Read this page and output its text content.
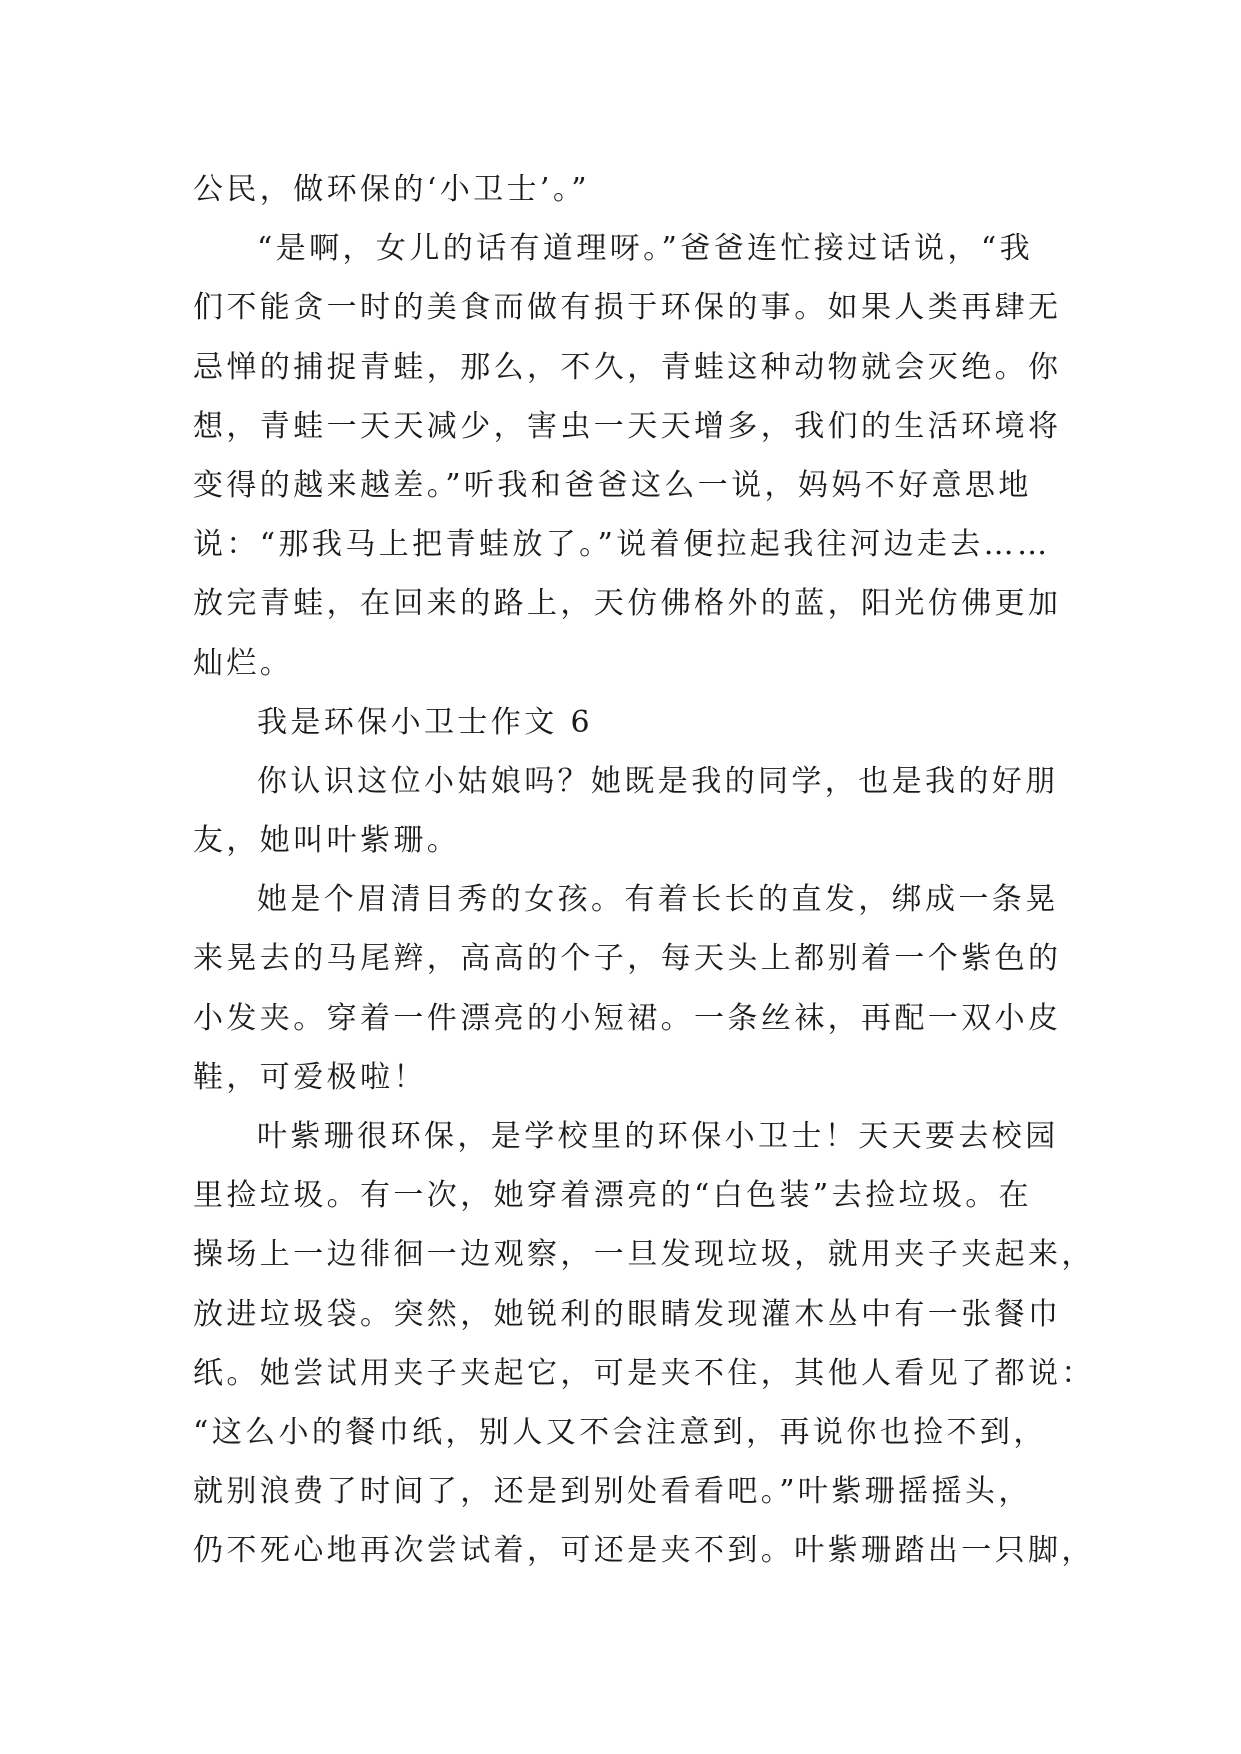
公民，做环保的‘小卫士’。”
“是啊，女儿的话有道理呀。”爸爸连忙接过话说，“我
们不能贪一时的美食而做有损于环保的事。如果人类再肆无
忌惮的捕捉青蛙，那么，不久，青蛙这种动物就会灭绝。你
想，青蛙一天天减少，害虫一天天增多，我们的生活环境将
变得的越来越差。”听我和爸爸这么一说，妈妈不好意思地
说：“那我马上把青蛙放了。”说着便拉起我往河边走去……
放完青蛙，在回来的路上，天仿佛格外的蓝，阳光仿佛更加
灿烂。
我是环保小卫士作文 6
你认识这位小姑娘吗？她既是我的同学，也是我的好朋
友，她叫叶紫珊。
她是个眉清目秀的女孩。有着长长的直发，绑成一条晃
来晃去的马尾辫，高高的个子，每天头上都别着一个紫色的
小发夹。穿着一件漂亮的小短裙。一条丝袜，再配一双小皮
鞋，可爱极啦！
叶紫珊很环保，是学校里的环保小卫士！天天要去校园
里捡垃圾。有一次，她穿着漂亮的“白色装”去捡垃圾。在
操场上一边徘徊一边观察，一旦发现垃圾，就用夹子夹起来，
放进垃圾袋。突然，她锐利的眼睛发现灌木丛中有一张餐巾
纸。她尝试用夹子夹起它，可是夹不住，其他人看见了都说：
“这么小的餐巾纸，别人又不会注意到，再说你也捡不到，
就别浪费了时间了，还是到别处看看吧。”叶紫珊摇摇头，
仍不死心地再次尝试着，可还是夹不到。叶紫珊踏出一只脚，
